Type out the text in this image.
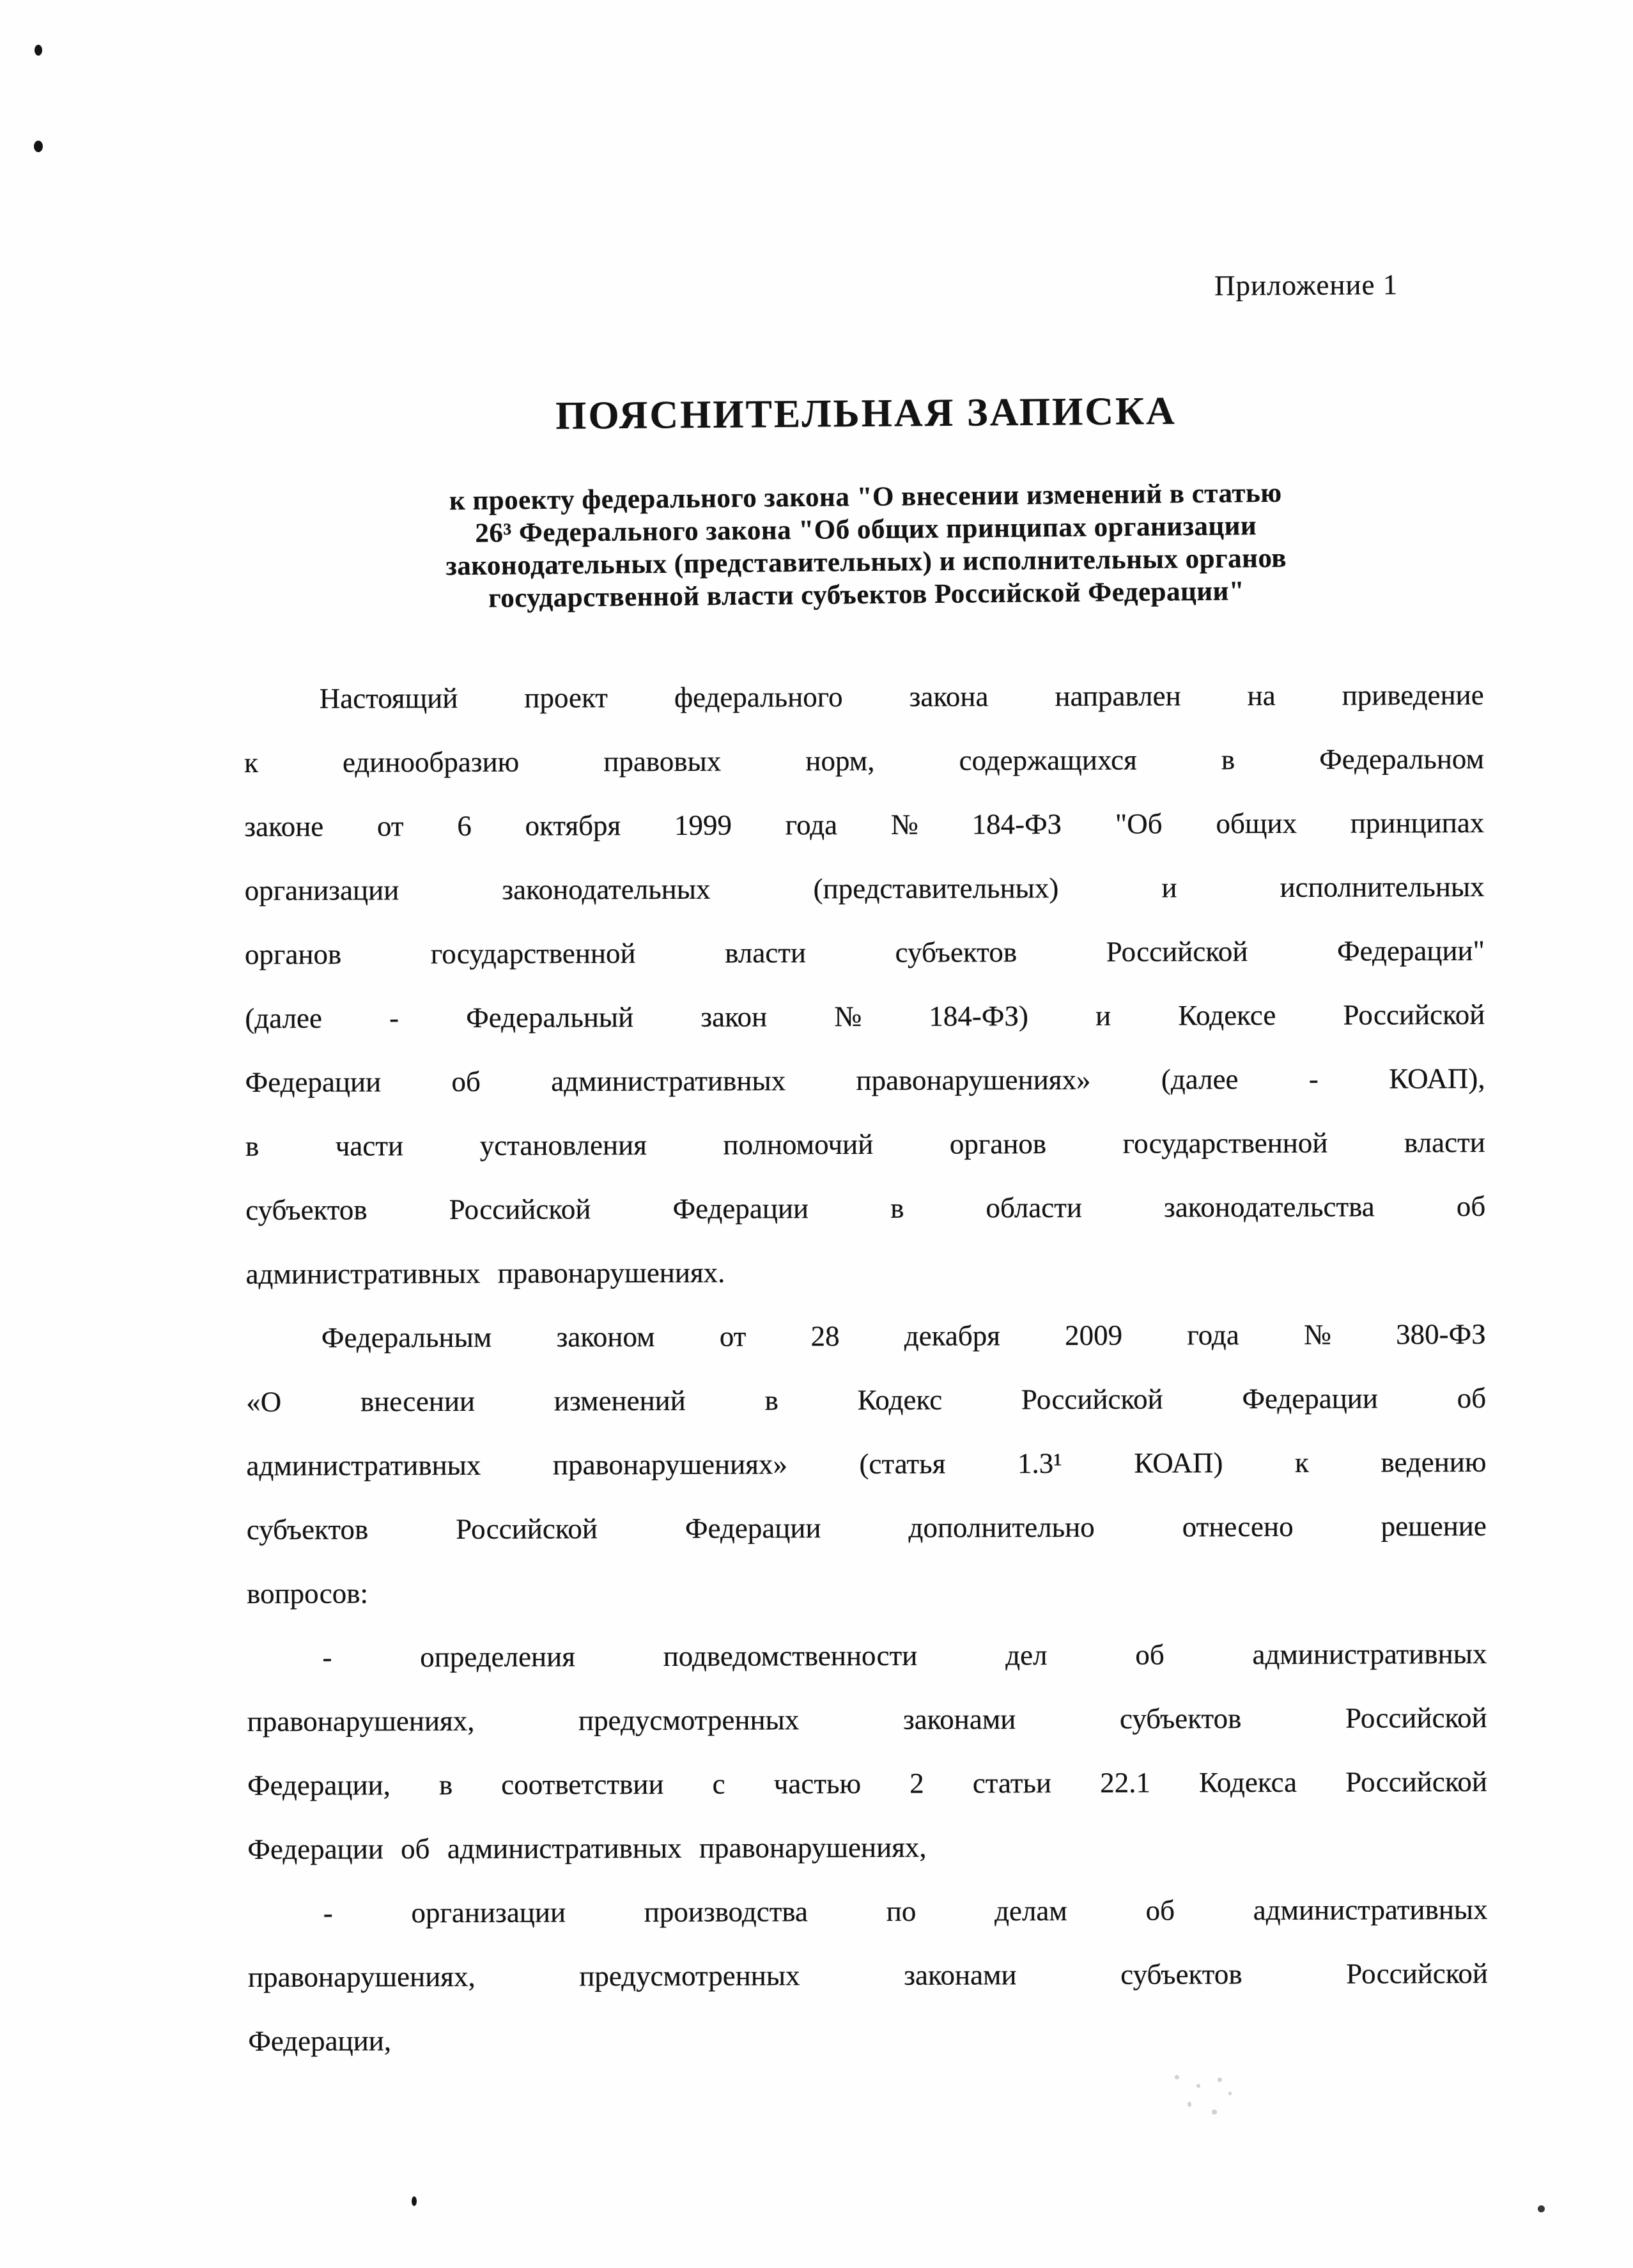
Приложение 1
ПОЯСНИТЕЛЬНАЯ ЗАПИСКА
к проекту федерального закона "О внесении изменений в статью
26³ Федерального закона "Об общих принципах организации
законодательных (представительных) и исполнительных органов
государственной власти субъектов Российской Федерации"
Настоящий проект федерального закона направлен на приведение
к	единообразию	правовых	норм,	содержащихся	в	Федеральном
законе от 6 октября 1999 года № 184-ФЗ "Об общих принципах
организации	законодательных	(представительных)	и	исполнительных
органов	государственной	власти	субъектов	Российской	Федерации"
(далее - Федеральный закон № 184-ФЗ) и Кодексе Российской
Федерации об административных правонарушениях» (далее - КОАП),
в	части	установления	полномочий	органов	государственной	власти
субъектов	Российской	Федерации	в	области	законодательства	об
административных правонарушениях.
Федеральным законом от 28 декабря 2009 года № 380-ФЗ
«О	внесении	изменений	в	Кодекс	Российской	Федерации	об
административных правонарушениях» (статья 1.3¹ КОАП) к ведению
субъектов	Российской	Федерации	дополнительно	отнесено	решение
вопросов:
-	определения	подведомственности	дел	об	административных
правонарушениях,	предусмотренных	законами	субъектов	Российской
Федерации, в соответствии с частью 2 статьи 22.1 Кодекса Российской
Федерации об административных правонарушениях,
-	организации	производства	по	делам	об	административных
правонарушениях,	предусмотренных	законами	субъектов	Российской
Федерации,
